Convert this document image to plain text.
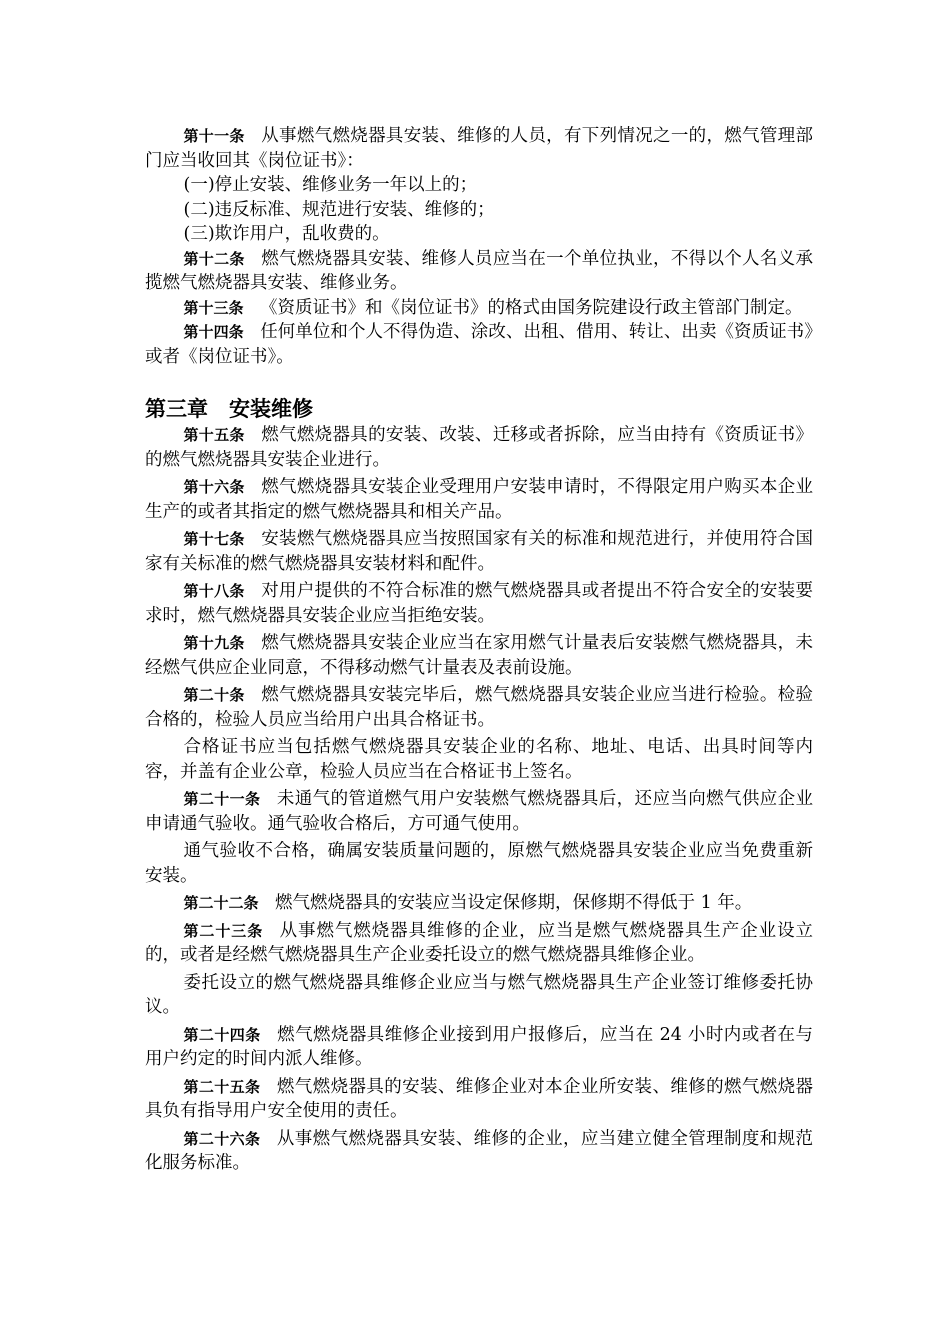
第十一条 从事燃气燃烧器具安装、维修的人员，有下列情况之一的，燃气管理部门应当收回其《岗位证书》：

(一)停止安装、维修业务一年以上的；

(二)违反标准、规范进行安装、维修的；

(三)欺诈用户，乱收费的。

第十二条 燃气燃烧器具安装、维修人员应当在一个单位执业，不得以个人名义承揽燃气燃烧器具安装、维修业务。

第十三条 《资质证书》和《岗位证书》的格式由国务院建设行政主管部门制定。

第十四条 任何单位和个人不得伪造、涂改、出租、借用、转让、出卖《资质证书》或者《岗位证书》。

第三章 安装维修

第十五条 燃气燃烧器具的安装、改装、迁移或者拆除，应当由持有《资质证书》的燃气燃烧器具安装企业进行。

第十六条 燃气燃烧器具安装企业受理用户安装申请时，不得限定用户购买本企业生产的或者其指定的燃气燃烧器具和相关产品。

第十七条 安装燃气燃烧器具应当按照国家有关的标准和规范进行，并使用符合国家有关标准的燃气燃烧器具安装材料和配件。

第十八条 对用户提供的不符合标准的燃气燃烧器具或者提出不符合安全的安装要求时，燃气燃烧器具安装企业应当拒绝安装。

第十九条 燃气燃烧器具安装企业应当在家用燃气计量表后安装燃气燃烧器具，未经燃气供应企业同意，不得移动燃气计量表及表前设施。

第二十条 燃气燃烧器具安装完毕后，燃气燃烧器具安装企业应当进行检验。检验合格的，检验人员应当给用户出具合格证书。

合格证书应当包括燃气燃烧器具安装企业的名称、地址、电话、出具时间等内容，并盖有企业公章，检验人员应当在合格证书上签名。

第二十一条 未通气的管道燃气用户安装燃气燃烧器具后，还应当向燃气供应企业申请通气验收。通气验收合格后，方可通气使用。

通气验收不合格，确属安装质量问题的，原燃气燃烧器具安装企业应当免费重新安装。

第二十二条 燃气燃烧器具的安装应当设定保修期，保修期不得低于 1 年。

第二十三条 从事燃气燃烧器具维修的企业，应当是燃气燃烧器具生产企业设立的，或者是经燃气燃烧器具生产企业委托设立的燃气燃烧器具维修企业。

委托设立的燃气燃烧器具维修企业应当与燃气燃烧器具生产企业签订维修委托协议。

第二十四条 燃气燃烧器具维修企业接到用户报修后，应当在 24 小时内或者在与用户约定的时间内派人维修。

第二十五条 燃气燃烧器具的安装、维修企业对本企业所安装、维修的燃气燃烧器具负有指导用户安全使用的责任。

第二十六条 从事燃气燃烧器具安装、维修的企业，应当建立健全管理制度和规范化服务标准。
